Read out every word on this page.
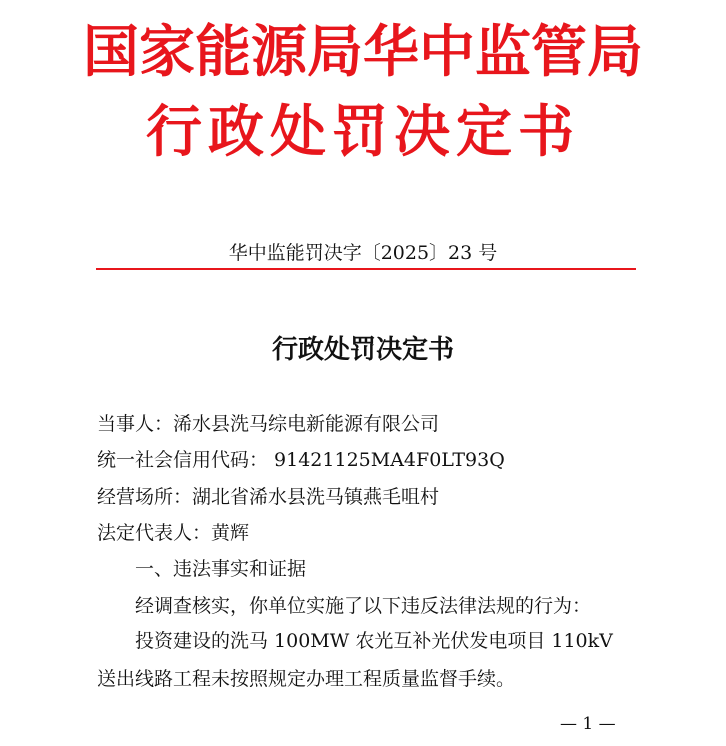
国家能源局华中监管局
行政处罚决定书
华中监能罚决字〔2025〕23 号
行政处罚决定书
当事人：浠水县洗马综电新能源有限公司
统一社会信用代码： 91421125MA4F0LT93Q
经营场所：湖北省浠水县洗马镇燕毛咀村
法定代表人：黄辉
一、违法事实和证据
经调查核实，你单位实施了以下违反法律法规的行为：
投资建设的洗马 100MW 农光互补光伏发电项目 110kV 送出线路工程未按照规定办理工程质量监督手续。
— 1 —
